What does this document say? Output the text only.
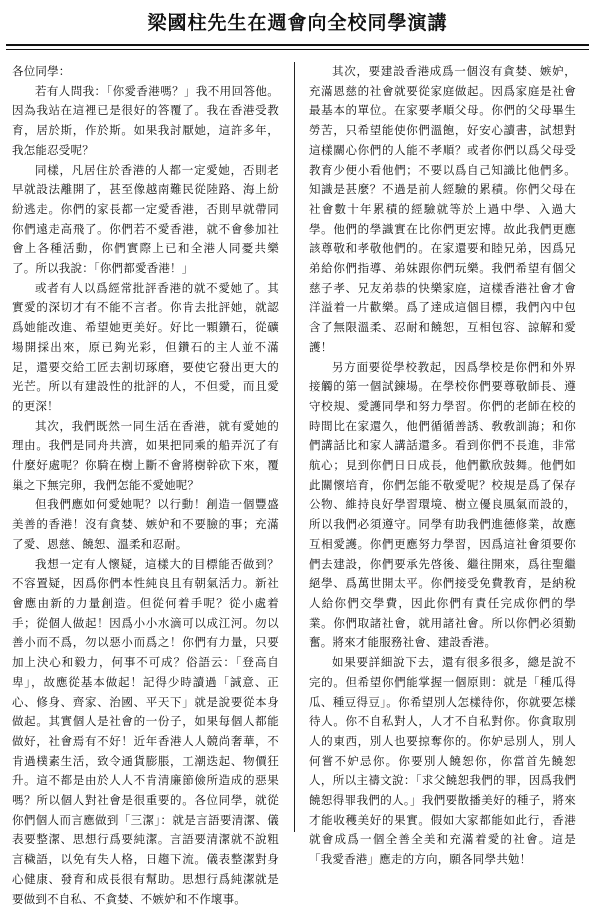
梁國柱先生在週會向全校同學演講

各位同學：

若有人問我：「你愛香港嗎？」我不用回答他。因為我站在這裡已是很好的答覆了。我在香港受教育，居於斯，作於斯。如果我討厭她，這許多年，我怎能忍受呢？

同樣，凡居住於香港的人都一定愛她，否則老早就設法離開了，甚至像越南難民從陸路、海上紛紛逃走。你們的家長都一定愛香港，否則早就帶同你們遠走高飛了。你們若不愛香港，就不會參加社會上各種活動，你們實際上已和全港人同憂共樂了。所以我說：「你們都愛香港！」

或者有人以爲經常批評香港的就不愛她了。其實愛的深切才有不能不言者。你肯去批評她，就認爲她能改進、希望她更美好。好比一顆鑽石，從礦場開採出來，原已夠光彩，但鑽石的主人並不滿足，還要交給工匠去割切琢磨，要使它發出更大的光芒。所以有建設性的批評的人，不但愛，而且愛的更深！

其次，我們既然一同生活在香港，就有愛她的理由。我們是同舟共濟，如果把同乘的船弄沉了有什麼好處呢？你騎在樹上斷不會將樹幹砍下來，覆巢之下無完卵，我們怎能不愛她呢？

但我們應如何愛她呢？以行動！創造一個豐盛美善的香港！沒有貪婪、嫉妒和不要臉的事；充滿了愛、恩慈、饒恕、溫柔和忍耐。

我想一定有人懷疑，這樣大的目標能否做到？不容置疑，因爲你們本性純良且有朝氣活力。新社會應由新的力量創造。但從何着手呢？從小處着手；從個人做起！因爲小小水滴可以成江河。勿以善小而不爲，勿以惡小而爲之！你們有力量，只要加上決心和毅力，何事不可成？俗語云：「登高自卑」，故應從基本做起！記得少時讀過「誠意、正心、修身、齊家、治國、平天下」就是說要從本身做起。其實個人是社會的一份子，如果每個人都能做好，社會焉有不好！近年香港人人競尚奢華，不肯過樸素生活，致令通貨膨脹，工潮迭起、物價狂升。這不都是由於人人不肯清廉節儉所造成的惡果嗎？所以個人對社會是很重要的。各位同學，就從你們個人而言應做到「三潔」：就是言語要清潔、儀表要整潔、思想行爲要純潔。言語要清潔就不說粗言穢語，以免有失人格，日趨下流。儀表整潔對身心健康、發育和成長很有幫助。思想行爲純潔就是要做到不自私、不貪婪、不嫉妒和不作壞事。

其次，要建設香港成爲一個沒有貪婪、嫉妒，充滿恩慈的社會就要從家庭做起。因爲家庭是社會最基本的單位。在家要孝順父母。你們的父母畢生勞苦，只希望能使你們溫飽，好安心讀書，試想對這樣關心你們的人能不孝順？或者你們以爲父母受教育少便小看他們；不要以爲自己知識比他們多。知識是甚麼？不過是前人經驗的累積。你們父母在社會數十年累積的經驗就等於上過中學、入過大學。他們的學識實在比你們更宏博。故此我們更應該尊敬和孝敬他們的。在家還要和睦兄弟，因爲兄弟給你們指導、弟妹跟你們玩樂。我們希望有個父慈子孝、兄友弟恭的快樂家庭，這樣香港社會才會洋溢着一片歡樂。爲了達成這個目標，我們內中包含了無限溫柔、忍耐和饒恕，互相包容、諒解和愛護！

另方面要從學校教起，因爲學校是你們和外界接觸的第一個試鍊場。在學校你們要尊敬師長、遵守校規、愛護同學和努力學習。你們的老師在校的時間比在家還久，他們循循善誘、敎敎訓誨；和你們講話比和家人講話還多。看到你們不長進，非常航心；見到你們日日成長，他們歡欣鼓舞。他們如此關懷培育，你們怎能不敬愛呢？校規是爲了保存公物、維持良好學習環境、樹立優良風氣而設的，所以我們必須遵守。同學有助我們進德修業，故應互相愛護。你們更應努力學習，因爲這社會須要你們去建設，你們要承先啓後、繼往開來，爲往聖繼絕學、爲萬世開太平。你們接受免費教育，是納稅人給你們交學費，因此你們有責任完成你們的學業。你們取諸社會，就用諸社會。所以你們必須勤奮。將來才能服務社會、建設香港。

如果要詳細說下去，還有很多很多，總是說不完的。但希望你們能掌握一個原則：就是「種瓜得瓜、種豆得豆」。你希望別人怎樣待你，你就要怎樣待人。你不自私對人，人才不自私對你。你貪取別人的東西，別人也要掠奪你的。你妒忌別人，別人何嘗不妒忌你。你要別人饒恕你，你當首先饒恕人，所以主禱文說：「求父饒恕我們的罪，因爲我們饒恕得罪我們的人。」我們要散播美好的種子，將來才能收穫美好的果實。假如大家都能如此行，香港就會成爲一個全善全美和充滿着愛的社會。這是「我愛香港」應走的方向，願各同學共勉！
